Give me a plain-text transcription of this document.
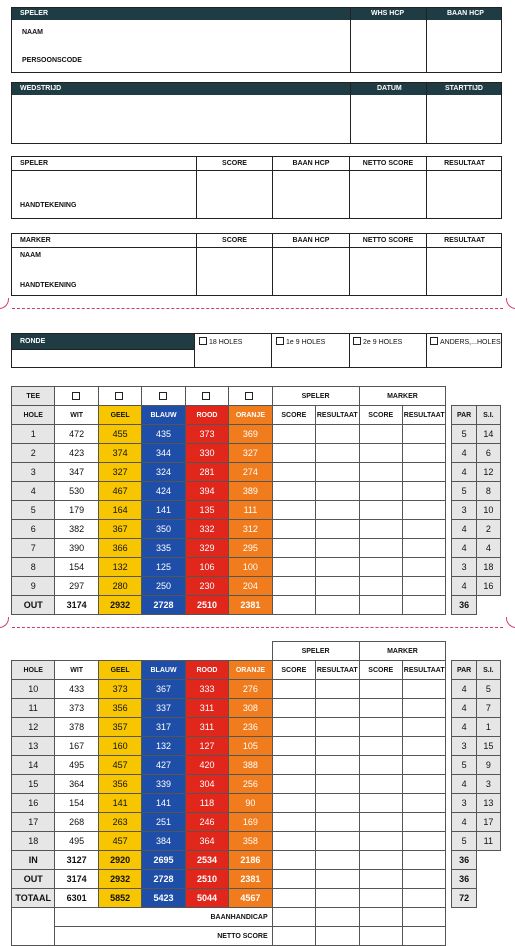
SPELER	WHS HCP	BAAN HCP
NAAM
PERSOONSCODE
WEDSTRIJD	DATUM	STARTTIJD
SPELER	SCORE	BAAN HCP	NETTO SCORE	RESULTAAT
HANDTEKENING
MARKER	SCORE	BAAN HCP	NETTO SCORE	RESULTAAT
NAAM
HANDTEKENING
RONDE	18 HOLES	1e 9 HOLES	2e 9 HOLES	ANDERS,...HOLES
TEE						SPELER		MARKER				
HOLE	WIT	GEEL	BLAUW	ROOD	ORANJE	SCORE	RESULTAAT	SCORE	RESULTAAT		PAR	S.I.
1	472	455	435	373	369						5	14
2	423	374	344	330	327						4	6
3	347	327	324	281	274						4	12
4	530	467	424	394	389						5	8
5	179	164	141	135	111						3	10
6	382	367	350	332	312						4	2
7	390	366	335	329	295						4	4
8	154	132	125	106	100						3	18
9	297	280	250	230	204						4	16
OUT	3174	2932	2728	2510	2381						36	
						SPELER		MARKER				
HOLE	WIT	GEEL	BLAUW	ROOD	ORANJE	SCORE	RESULTAAT	SCORE	RESULTAAT		PAR	S.I.
10	433	373	367	333	276						4	5
11	373	356	337	311	308						4	7
12	378	357	317	311	236						4	1
13	167	160	132	127	105						3	15
14	495	457	427	420	388						5	9
15	364	356	339	304	256						4	3
16	154	141	141	118	90						3	13
17	268	263	251	246	169						4	17
18	495	457	384	364	358						5	11
IN	3127	2920	2695	2534	2186						36	
OUT	3174	2932	2728	2510	2381						36	
TOTAAL	6301	5852	5423	5044	4567						72	
	BAANHANDICAP											
	NETTO SCORE											
